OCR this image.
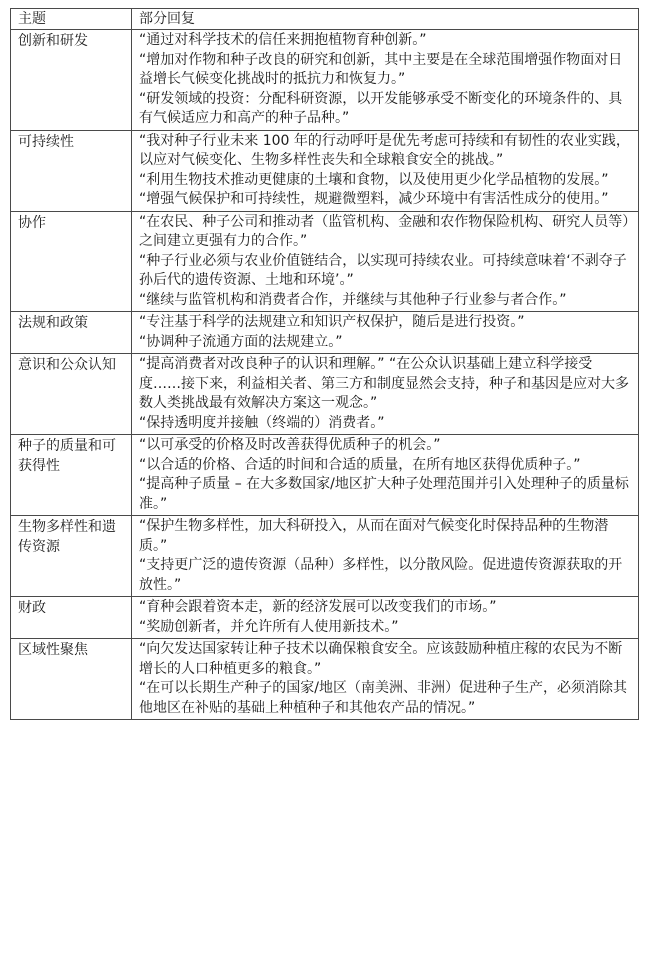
主题	部分回复
创新和研发	“通过对科学技术的信任来拥抱植物育种创新。”

“增加对作物和种子改良的研究和创新，其中主要是在全球范围增强作物面对日益增长气候变化挑战时的抵抗力和恢复力。”

“研发领域的投资：分配科研资源，以开发能够承受不断变化的环境条件的、具有气候适应力和高产的种子品种。”

可持续性	“我对种子行业未来 100 年的行动呼吁是优先考虑可持续和有韧性的农业实践，以应对气候变化、生物多样性丧失和全球粮食安全的挑战。”

“利用生物技术推动更健康的土壤和食物，以及使用更少化学品植物的发展。”

“增强气候保护和可持续性，规避微塑料，减少环境中有害活性成分的使用。”

协作	“在农民、种子公司和推动者（监管机构、金融和农作物保险机构、研究人员等）之间建立更强有力的合作。”

“种子行业必须与农业价值链结合，以实现可持续农业。可持续意味着‘不剥夺子孙后代的遗传资源、土地和环境’。”

“继续与监管机构和消费者合作，并继续与其他种子行业参与者合作。”

法规和政策	“专注基于科学的法规建立和知识产权保护，随后是进行投资。”

“协调种子流通方面的法规建立。”

意识和公众认知	“提高消费者对改良种子的认识和理解。” “在公众认识基础上建立科学接受度……接下来，利益相关者、第三方和制度显然会支持，种子和基因是应对大多数人类挑战最有效解决方案这一观念。”

“保持透明度并接触（终端的）消费者。”

种子的质量和可获得性	“以可承受的价格及时改善获得优质种子的机会。”

“以合适的价格、合适的时间和合适的质量，在所有地区获得优质种子。”

“提高种子质量 – 在大多数国家/地区扩大种子处理范围并引入处理种子的质量标准。”

生物多样性和遗传资源	“保护生物多样性，加大科研投入，从而在面对气候变化时保持品种的生物潜质。”

“支持更广泛的遗传资源（品种）多样性，以分散风险。促进遗传资源获取的开放性。”

财政	“育种会跟着资本走，新的经济发展可以改变我们的市场。”

“奖励创新者，并允许所有人使用新技术。”

区域性聚焦	“向欠发达国家转让种子技术以确保粮食安全。应该鼓励种植庄稼的农民为不断增长的人口种植更多的粮食。”

“在可以长期生产种子的国家/地区（南美洲、非洲）促进种子生产，必须消除其他地区在补贴的基础上种植种子和其他农产品的情况。”
